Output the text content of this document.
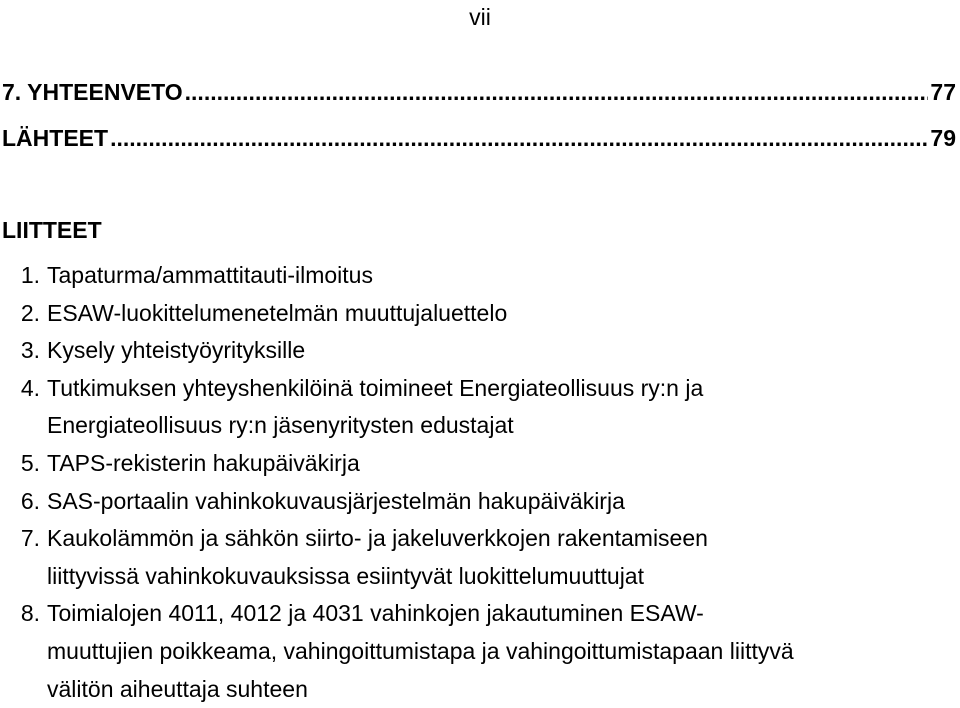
vii
7. YHTEENVETO .....	77
LÄHTEET .....	79
LIITTEET
1. Tapaturma/ammattitauti-ilmoitus
2. ESAW-luokittelumenetelmän muuttujaluettelo
3. Kysely yhteistyöyrityksille
4. Tutkimuksen yhteyshenkilöinä toimineet Energiateollisuus ry:n ja
Energiateollisuus ry:n jäsenyritysten edustajat
5. TAPS-rekisterin hakupäiväkirja
6. SAS-portaalin vahinkokuvausjärjestelmän hakupäiväkirja
7. Kaukolämmön ja sähkön siirto- ja jakeluverkkojen rakentamiseen
liittyvissä vahinkokuvauksissa esiintyvät luokittelumuuttujat
8. Toimialojen 4011, 4012 ja 4031 vahinkojen jakautuminen ESAW-
muuttujien poikkeama, vahingoittumistapa ja vahingoittumistapaan liittyvä
välitön aiheuttaja suhteen
